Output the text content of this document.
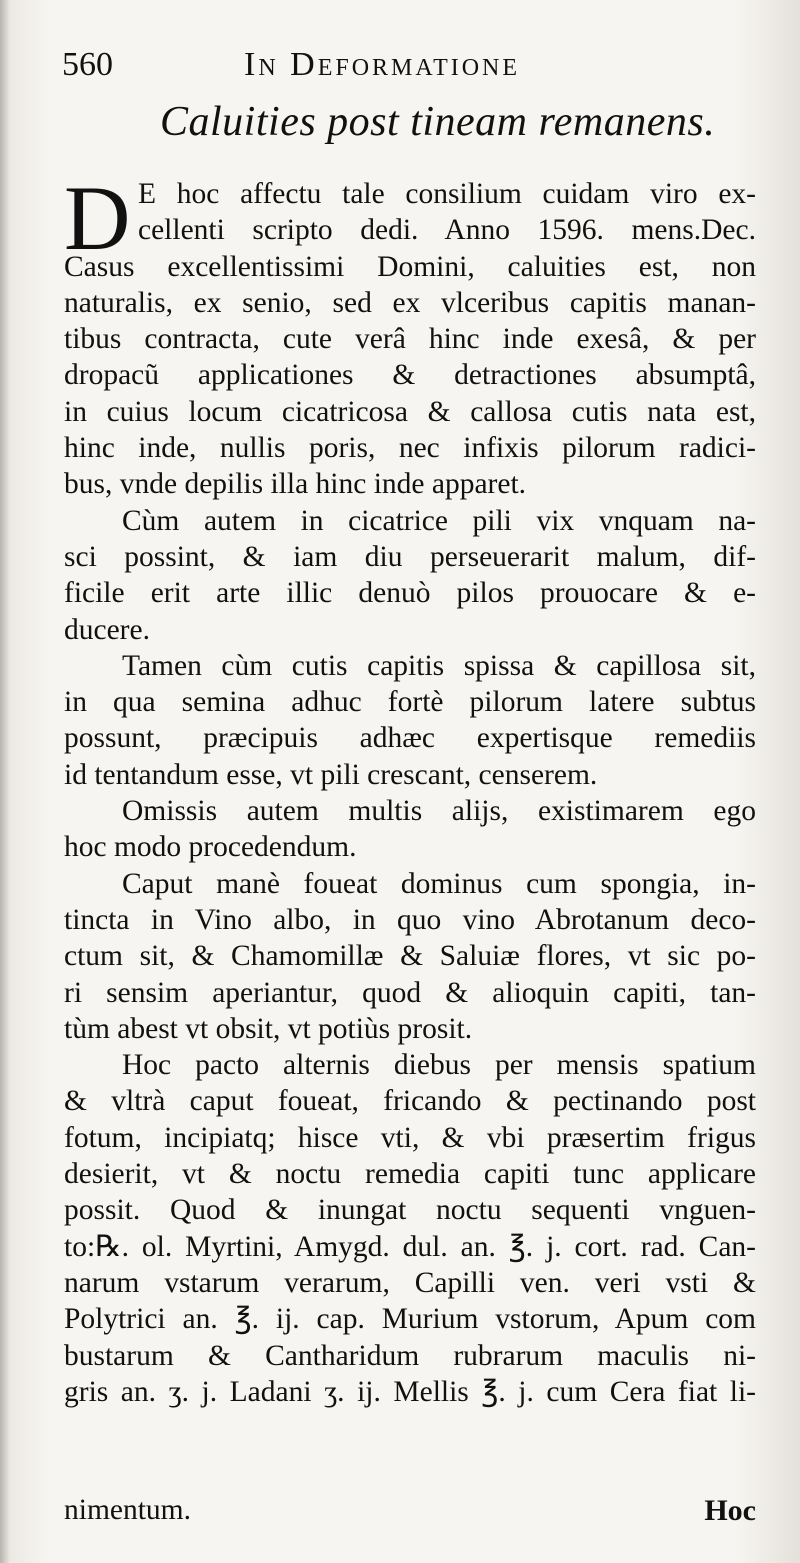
560	In Deformatione
Caluities post tineam remanens.
D E hoc affectu tale consilium cuidam viro ex-
cellenti scripto dedi. Anno 1596. mens.Dec.
Casus excellentissimi Domini, caluities est, non
naturalis, ex senio, sed ex vlceribus capitis manan-
tibus contracta, cute verâ hinc inde exesâ, & per
dropacũ applicationes & detractiones absumptâ,
in cuius locum cicatricosa & callosa cutis nata est,
hinc inde, nullis poris, nec infixis pilorum radici-
bus, vnde depilis illa hinc inde apparet.
Cùm autem in cicatrice pili vix vnquam na-
sci possint, & iam diu perseuerarit malum, dif-
ficile erit arte illic denuò pilos prouocare & e-
ducere.
Tamen cùm cutis capitis spissa & capillosa sit,
in qua semina adhuc fortè pilorum latere subtus
possunt, præcipuis adhæc expertisque remediis
id tentandum esse, vt pili crescant, censerem.
Omissis autem multis alijs, existimarem ego
hoc modo procedendum.
Caput manè foueat dominus cum spongia, in-
tincta in Vino albo, in quo vino Abrotanum deco-
ctum sit, & Chamomillæ & Saluiæ flores, vt sic po-
ri sensim aperiantur, quod & alioquin capiti, tan-
tùm abest vt obsit, vt potiùs prosit.
Hoc pacto alternis diebus per mensis spatium
& vltrà caput foueat, fricando & pectinando post
fotum, incipiatq; hisce vti, & vbi præsertim frigus
desierit, vt & noctu remedia capiti tunc applicare
possit. Quod & inungat noctu sequenti vnguen-
to:℞. ol. Myrtini, Amygd. dul. an. ℥. j. cort. rad. Can-
narum vstarum verarum, Capilli ven. veri vsti &
Polytrici an. ℥. ij. cap. Murium vstorum, Apum com
bustarum & Cantharidum rubrarum maculis ni-
gris an. ʒ. j. Ladani ʒ. ij. Mellis ℥. j. cum Cera fiat li-
nimentum.	Hoc
